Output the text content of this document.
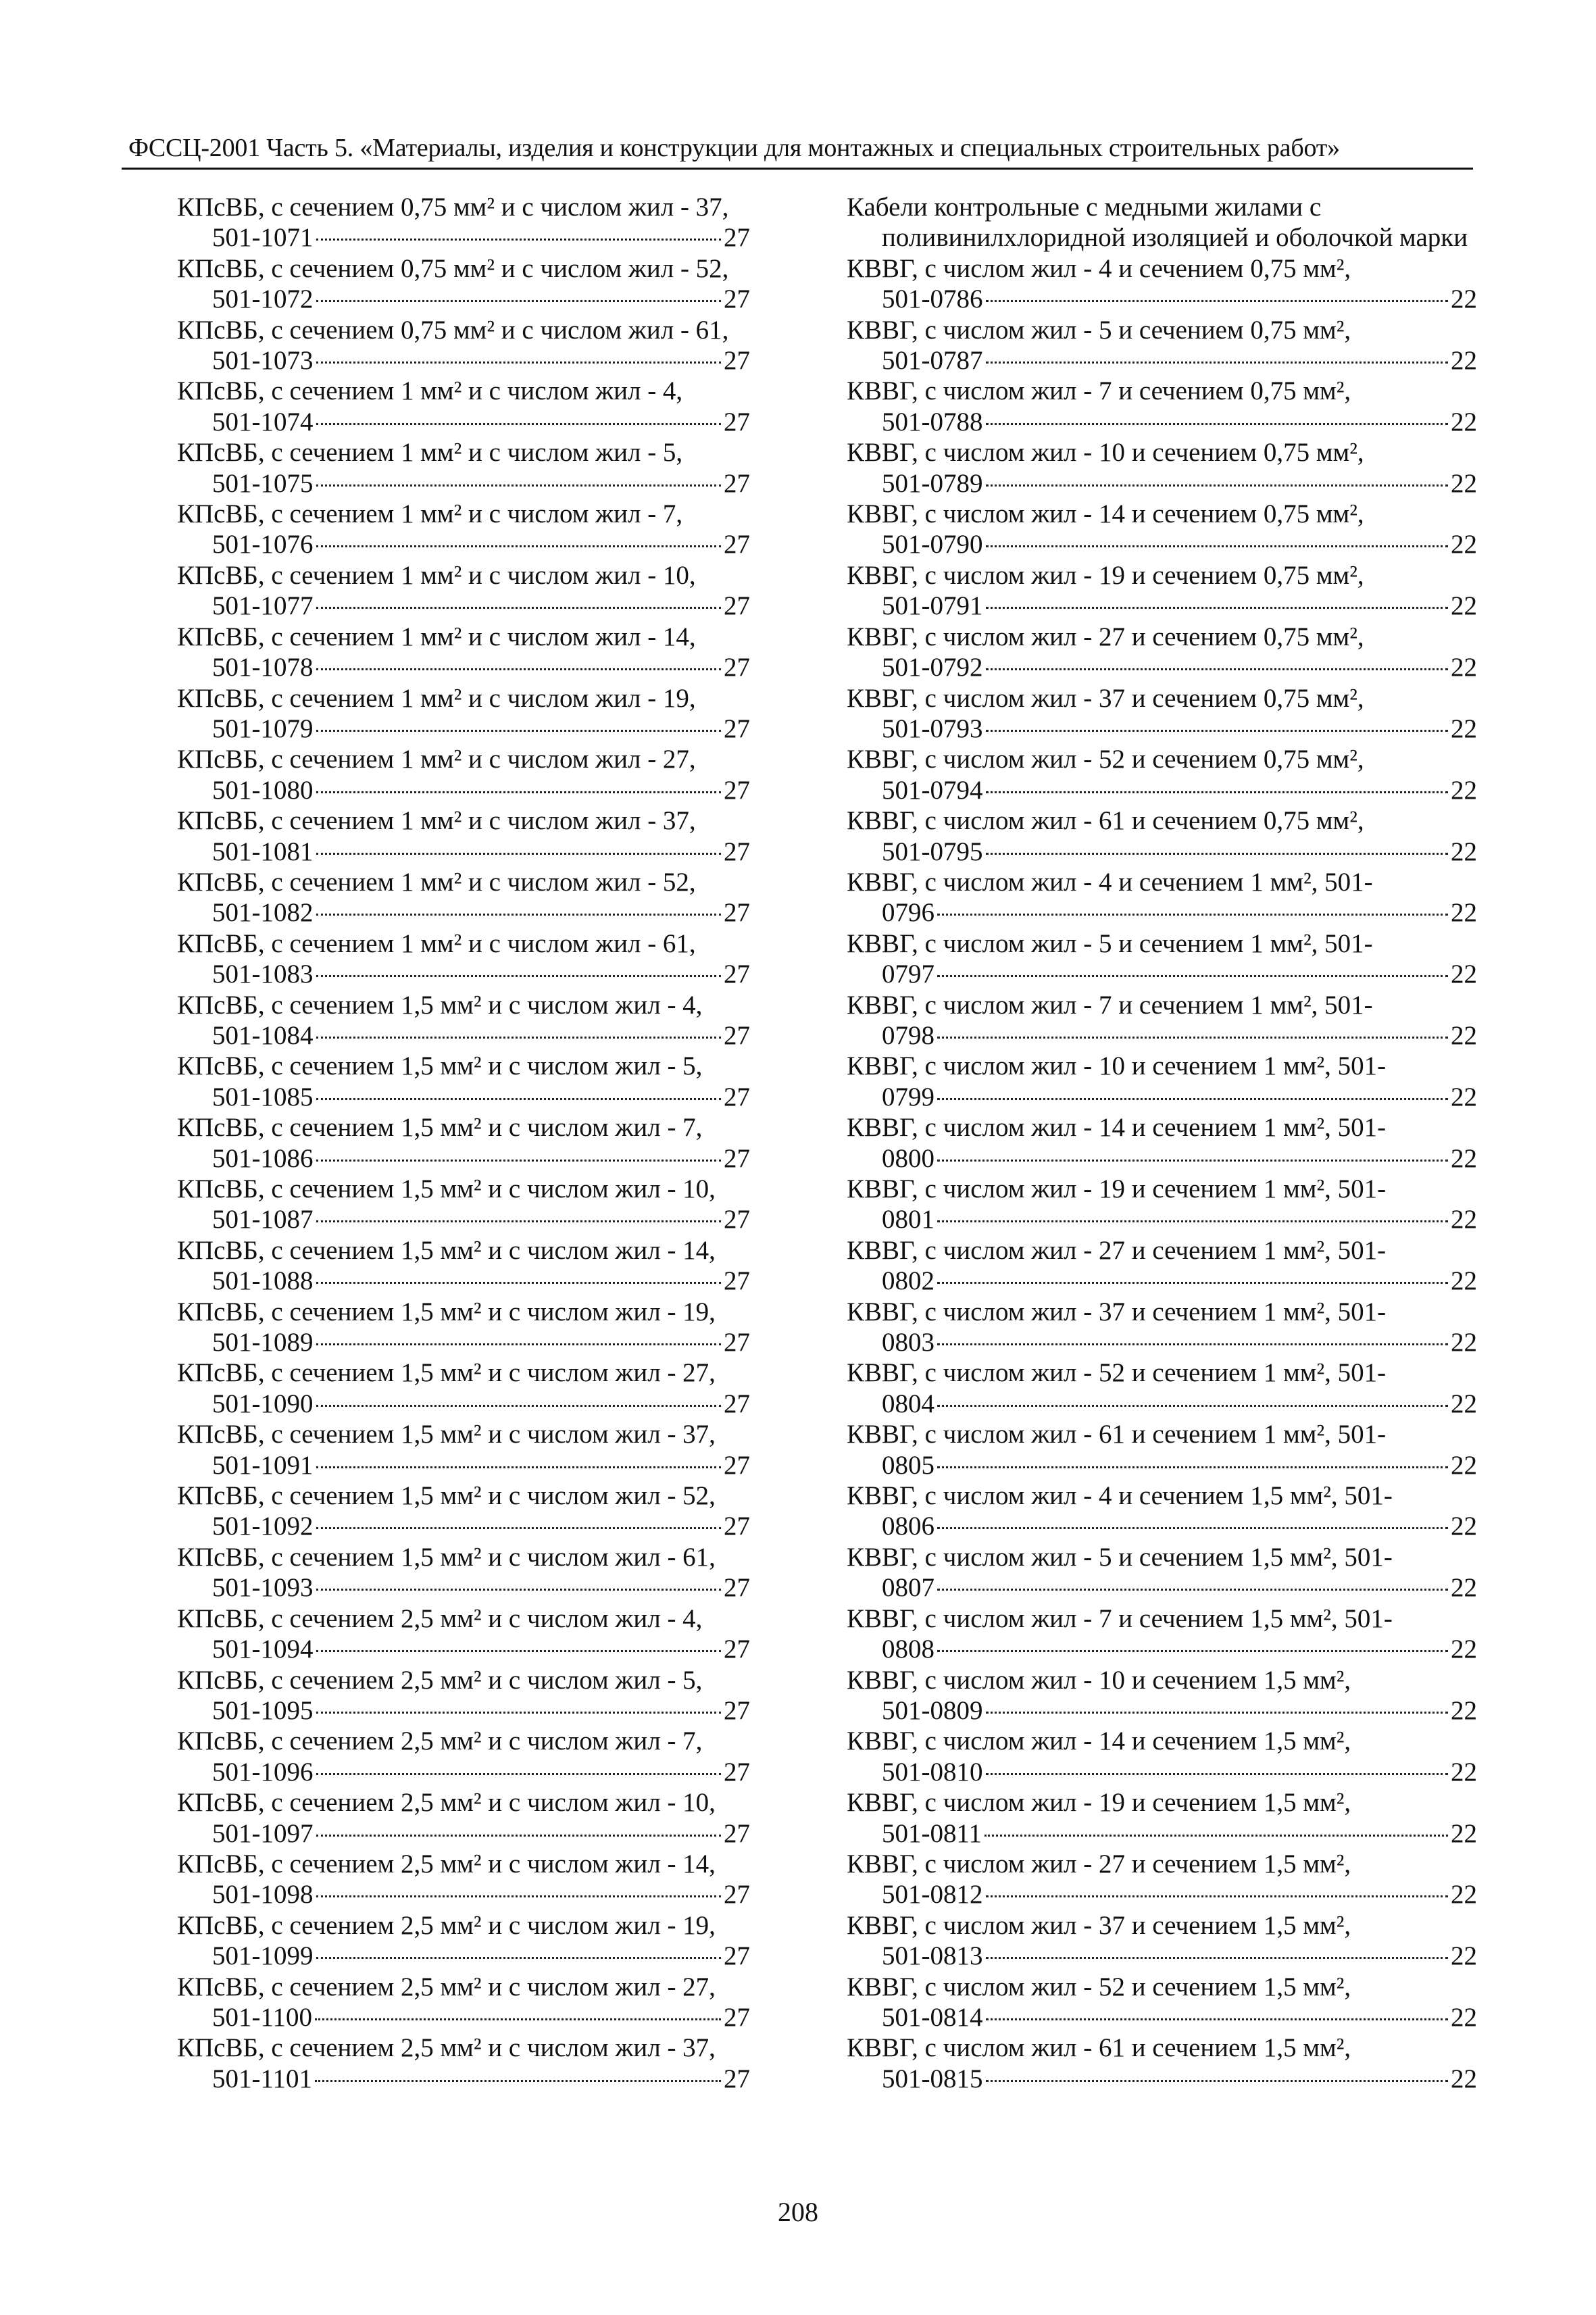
ФССЦ-2001 Часть 5. «Материалы, изделия и конструкции для монтажных и специальных строительных работ»
КПсВБ, с сечением 0,75 мм² и с числом жил - 37,
501-1071	27
КПсВБ, с сечением 0,75 мм² и с числом жил - 52,
501-1072	27
КПсВБ, с сечением 0,75 мм² и с числом жил - 61,
501-1073	27
КПсВБ, с сечением 1 мм² и с числом жил - 4,
501-1074	27
КПсВБ, с сечением 1 мм² и с числом жил - 5,
501-1075	27
КПсВБ, с сечением 1 мм² и с числом жил - 7,
501-1076	27
КПсВБ, с сечением 1 мм² и с числом жил - 10,
501-1077	27
КПсВБ, с сечением 1 мм² и с числом жил - 14,
501-1078	27
КПсВБ, с сечением 1 мм² и с числом жил - 19,
501-1079	27
КПсВБ, с сечением 1 мм² и с числом жил - 27,
501-1080	27
КПсВБ, с сечением 1 мм² и с числом жил - 37,
501-1081	27
КПсВБ, с сечением 1 мм² и с числом жил - 52,
501-1082	27
КПсВБ, с сечением 1 мм² и с числом жил - 61,
501-1083	27
КПсВБ, с сечением 1,5 мм² и с числом жил - 4,
501-1084	27
КПсВБ, с сечением 1,5 мм² и с числом жил - 5,
501-1085	27
КПсВБ, с сечением 1,5 мм² и с числом жил - 7,
501-1086	27
КПсВБ, с сечением 1,5 мм² и с числом жил - 10,
501-1087	27
КПсВБ, с сечением 1,5 мм² и с числом жил - 14,
501-1088	27
КПсВБ, с сечением 1,5 мм² и с числом жил - 19,
501-1089	27
КПсВБ, с сечением 1,5 мм² и с числом жил - 27,
501-1090	27
КПсВБ, с сечением 1,5 мм² и с числом жил - 37,
501-1091	27
КПсВБ, с сечением 1,5 мм² и с числом жил - 52,
501-1092	27
КПсВБ, с сечением 1,5 мм² и с числом жил - 61,
501-1093	27
КПсВБ, с сечением 2,5 мм² и с числом жил - 4,
501-1094	27
КПсВБ, с сечением 2,5 мм² и с числом жил - 5,
501-1095	27
КПсВБ, с сечением 2,5 мм² и с числом жил - 7,
501-1096	27
КПсВБ, с сечением 2,5 мм² и с числом жил - 10,
501-1097	27
КПсВБ, с сечением 2,5 мм² и с числом жил - 14,
501-1098	27
КПсВБ, с сечением 2,5 мм² и с числом жил - 19,
501-1099	27
КПсВБ, с сечением 2,5 мм² и с числом жил - 27,
501-1100	27
КПсВБ, с сечением 2,5 мм² и с числом жил - 37,
501-1101	27
Кабели контрольные с медными жилами с
поливинилхлоридной изоляцией и оболочкой марки
КВВГ, с числом жил - 4 и сечением 0,75 мм²,
501-0786	22
КВВГ, с числом жил - 5 и сечением 0,75 мм²,
501-0787	22
КВВГ, с числом жил - 7 и сечением 0,75 мм²,
501-0788	22
КВВГ, с числом жил - 10 и сечением 0,75 мм²,
501-0789	22
КВВГ, с числом жил - 14 и сечением 0,75 мм²,
501-0790	22
КВВГ, с числом жил - 19 и сечением 0,75 мм²,
501-0791	22
КВВГ, с числом жил - 27 и сечением 0,75 мм²,
501-0792	22
КВВГ, с числом жил - 37 и сечением 0,75 мм²,
501-0793	22
КВВГ, с числом жил - 52 и сечением 0,75 мм²,
501-0794	22
КВВГ, с числом жил - 61 и сечением 0,75 мм²,
501-0795	22
КВВГ, с числом жил - 4 и сечением 1 мм², 501-
0796	22
КВВГ, с числом жил - 5 и сечением 1 мм², 501-
0797	22
КВВГ, с числом жил - 7 и сечением 1 мм², 501-
0798	22
КВВГ, с числом жил - 10 и сечением 1 мм², 501-
0799	22
КВВГ, с числом жил - 14 и сечением 1 мм², 501-
0800	22
КВВГ, с числом жил - 19 и сечением 1 мм², 501-
0801	22
КВВГ, с числом жил - 27 и сечением 1 мм², 501-
0802	22
КВВГ, с числом жил - 37 и сечением 1 мм², 501-
0803	22
КВВГ, с числом жил - 52 и сечением 1 мм², 501-
0804	22
КВВГ, с числом жил - 61 и сечением 1 мм², 501-
0805	22
КВВГ, с числом жил - 4 и сечением 1,5 мм², 501-
0806	22
КВВГ, с числом жил - 5 и сечением 1,5 мм², 501-
0807	22
КВВГ, с числом жил - 7 и сечением 1,5 мм², 501-
0808	22
КВВГ, с числом жил - 10 и сечением 1,5 мм²,
501-0809	22
КВВГ, с числом жил - 14 и сечением 1,5 мм²,
501-0810	22
КВВГ, с числом жил - 19 и сечением 1,5 мм²,
501-0811	22
КВВГ, с числом жил - 27 и сечением 1,5 мм²,
501-0812	22
КВВГ, с числом жил - 37 и сечением 1,5 мм²,
501-0813	22
КВВГ, с числом жил - 52 и сечением 1,5 мм²,
501-0814	22
КВВГ, с числом жил - 61 и сечением 1,5 мм²,
501-0815	22
208
